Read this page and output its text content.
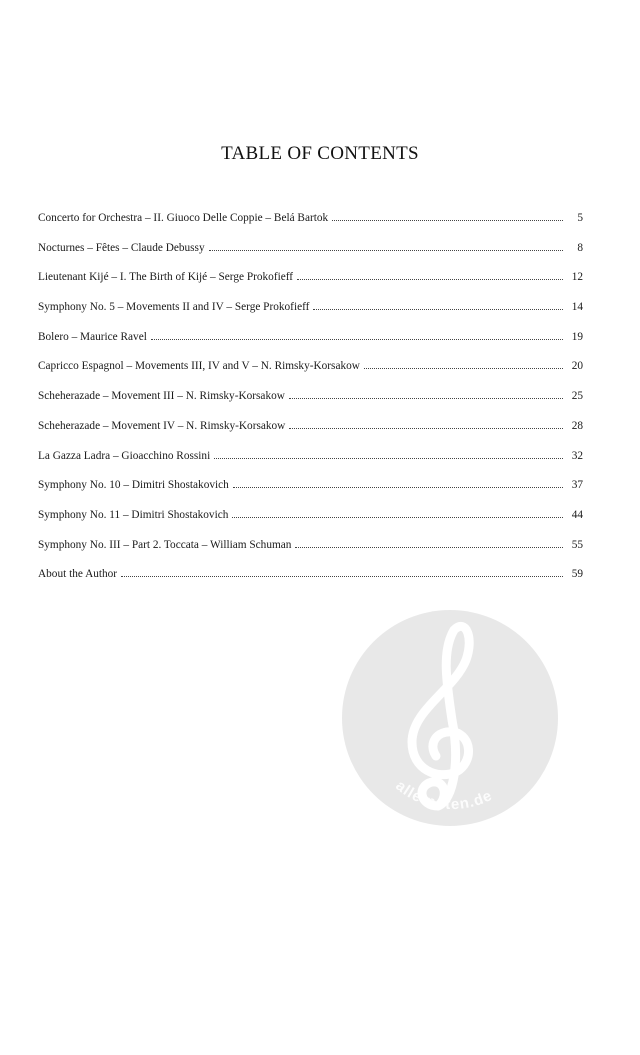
TABLE OF CONTENTS
Concerto for Orchestra – II. Giuoco Delle Coppie – Belá Bartok	5
Nocturnes – Fêtes – Claude Debussy	8
Lieutenant Kijé – I. The Birth of Kijé – Serge Prokofieff	12
Symphony No. 5 – Movements II and IV – Serge Prokofieff	14
Bolero – Maurice Ravel	19
Capricco Espagnol – Movements III, IV and V – N. Rimsky-Korsakow	20
Scheherazade – Movement III – N. Rimsky-Korsakow	25
Scheherazade – Movement IV – N. Rimsky-Korsakow	28
La Gazza Ladra – Gioacchino Rossini	32
Symphony No. 10 – Dimitri Shostakovich	37
Symphony No. 11 – Dimitri Shostakovich	44
Symphony No. III – Part 2. Toccata – William Schuman	55
About the Author	59
alle-noten.de
